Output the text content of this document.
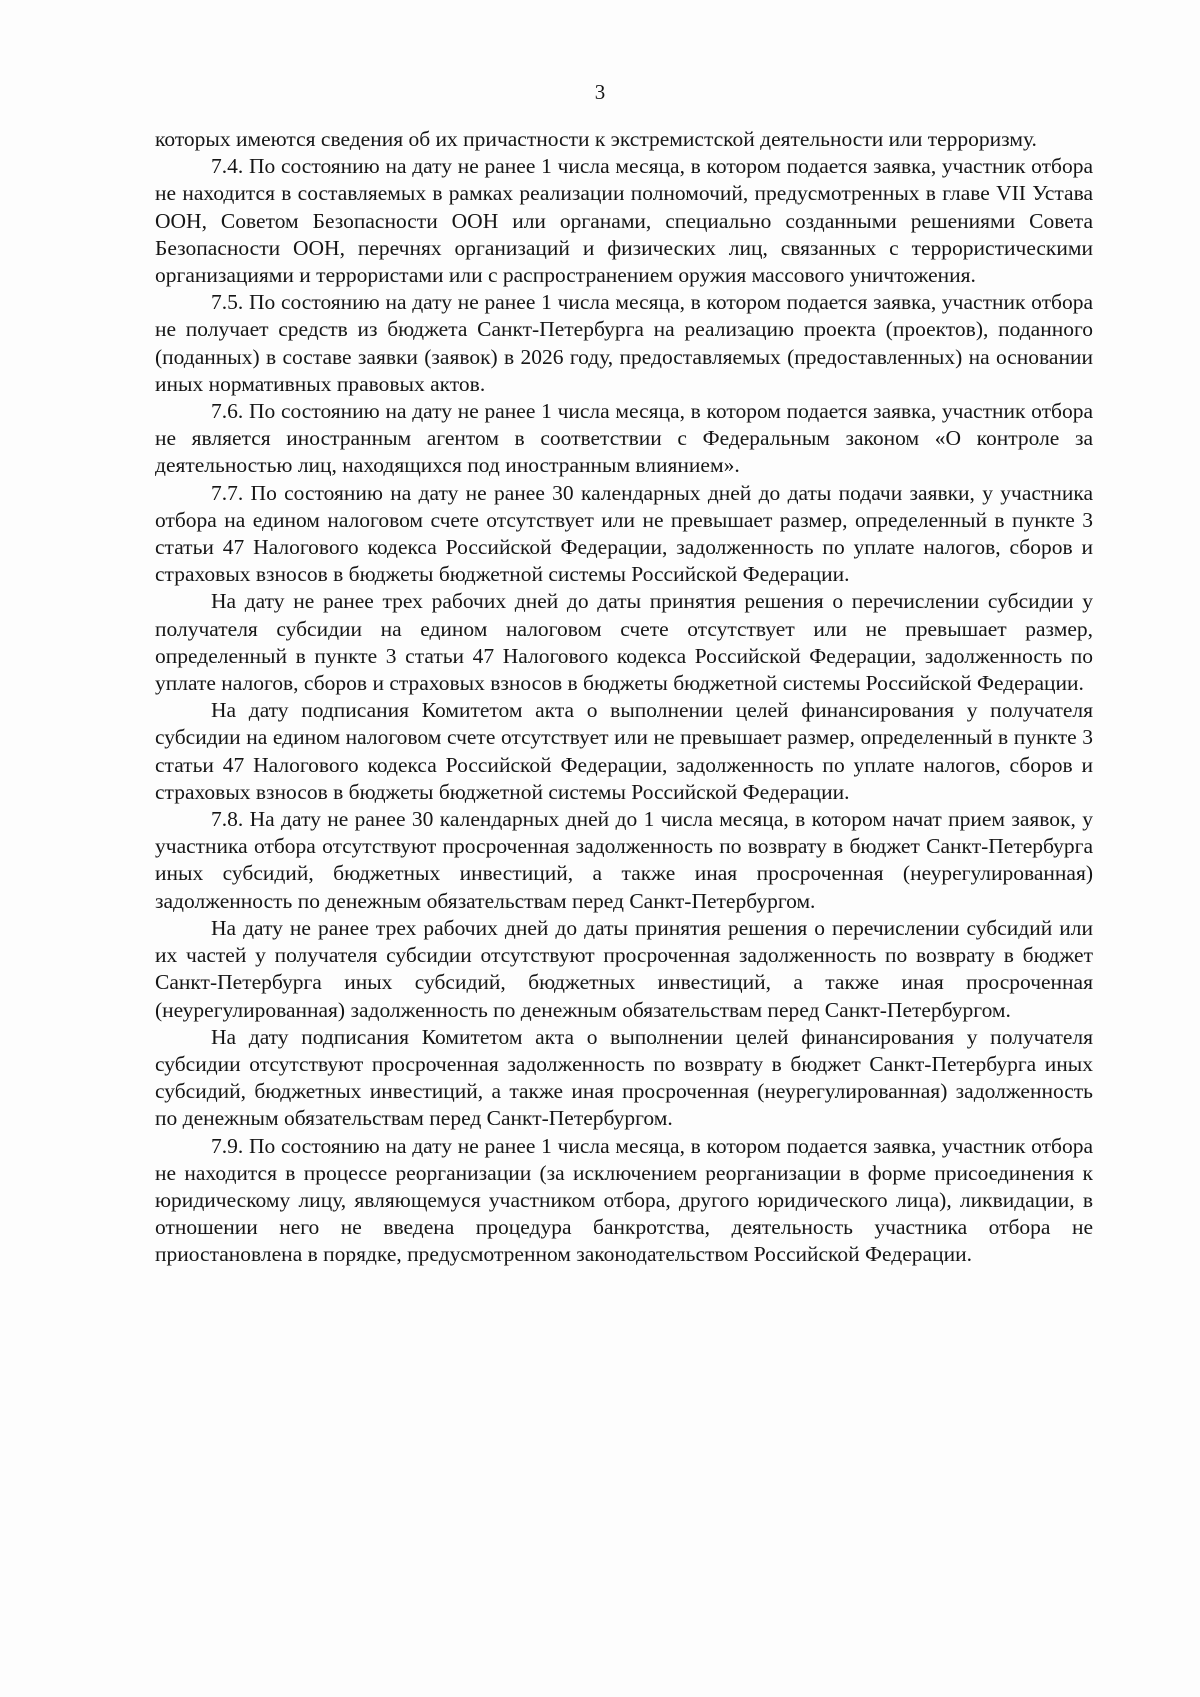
3

которых имеются сведения об их причастности к экстремистской деятельности или терроризму.

7.4. По состоянию на дату не ранее 1 числа месяца, в котором подается заявка, участник отбора не находится в составляемых в рамках реализации полномочий, предусмотренных в главе VII Устава ООН, Советом Безопасности ООН или органами, специально созданными решениями Совета Безопасности ООН, перечнях организаций и физических лиц, связанных с террористическими организациями и террористами или с распространением оружия массового уничтожения.

7.5. По состоянию на дату не ранее 1 числа месяца, в котором подается заявка, участник отбора не получает средств из бюджета Санкт-Петербурга на реализацию проекта (проектов), поданного (поданных) в составе заявки (заявок) в 2026 году, предоставляемых (предоставленных) на основании иных нормативных правовых актов.

7.6. По состоянию на дату не ранее 1 числа месяца, в котором подается заявка, участник отбора не является иностранным агентом в соответствии с Федеральным законом «О контроле за деятельностью лиц, находящихся под иностранным влиянием».

7.7. По состоянию на дату не ранее 30 календарных дней до даты подачи заявки, у участника отбора на едином налоговом счете отсутствует или не превышает размер, определенный в пункте 3 статьи 47 Налогового кодекса Российской Федерации, задолженность по уплате налогов, сборов и страховых взносов в бюджеты бюджетной системы Российской Федерации.

На дату не ранее трех рабочих дней до даты принятия решения о перечислении субсидии у получателя субсидии на едином налоговом счете отсутствует или не превышает размер, определенный в пункте 3 статьи 47 Налогового кодекса Российской Федерации, задолженность по уплате налогов, сборов и страховых взносов в бюджеты бюджетной системы Российской Федерации.

На дату подписания Комитетом акта о выполнении целей финансирования у получателя субсидии на едином налоговом счете отсутствует или не превышает размер, определенный в пункте 3 статьи 47 Налогового кодекса Российской Федерации, задолженность по уплате налогов, сборов и страховых взносов в бюджеты бюджетной системы Российской Федерации.

7.8. На дату не ранее 30 календарных дней до 1 числа месяца, в котором начат прием заявок, у участника отбора отсутствуют просроченная задолженность по возврату в бюджет Санкт-Петербурга иных субсидий, бюджетных инвестиций, а также иная просроченная (неурегулированная) задолженность по денежным обязательствам перед Санкт-Петербургом.

На дату не ранее трех рабочих дней до даты принятия решения о перечислении субсидий или их частей у получателя субсидии отсутствуют просроченная задолженность по возврату в бюджет Санкт-Петербурга иных субсидий, бюджетных инвестиций, а также иная просроченная (неурегулированная) задолженность по денежным обязательствам перед Санкт-Петербургом.

На дату подписания Комитетом акта о выполнении целей финансирования у получателя субсидии отсутствуют просроченная задолженность по возврату в бюджет Санкт-Петербурга иных субсидий, бюджетных инвестиций, а также иная просроченная (неурегулированная) задолженность по денежным обязательствам перед Санкт-Петербургом.

7.9. По состоянию на дату не ранее 1 числа месяца, в котором подается заявка, участник отбора не находится в процессе реорганизации (за исключением реорганизации в форме присоединения к юридическому лицу, являющемуся участником отбора, другого юридического лица), ликвидации, в отношении него не введена процедура банкротства, деятельность участника отбора не приостановлена в порядке, предусмотренном законодательством Российской Федерации.
